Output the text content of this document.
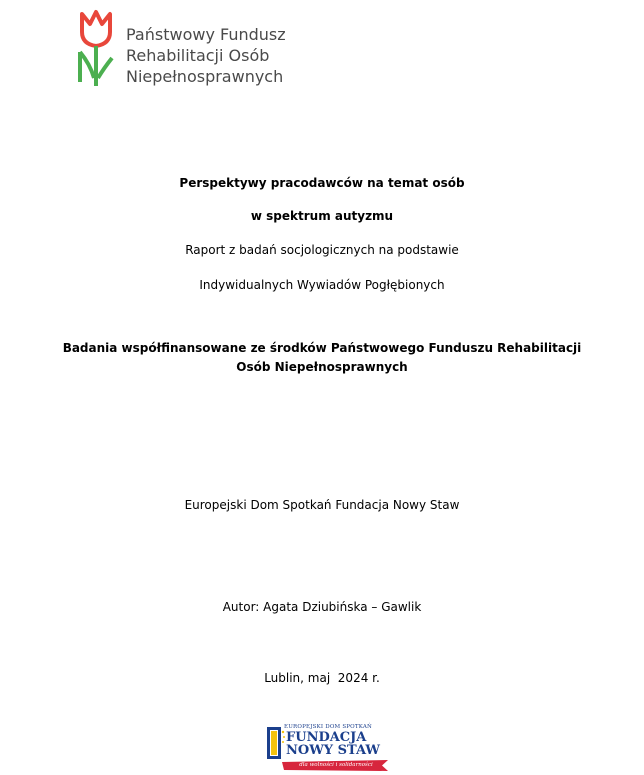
Państwowy Fundusz
Rehabilitacji Osób
Niepełnosprawnych
Perspektywy pracodawców na temat osób
w spektrum autyzmu
Raport z badań socjologicznych na podstawie
Indywidualnych Wywiadów Pogłębionych
Badania współfinansowane ze środków Państwowego Funduszu Rehabilitacji
Osób Niepełnosprawnych
Europejski Dom Spotkań Fundacja Nowy Staw
Autor: Agata Dziubińska – Gawlik
Lublin, maj  2024 r.
EUROPEJSKI DOM SPOTKAŃ
FUNDACJA
NOWY STAW
dla wolności i solidarności
